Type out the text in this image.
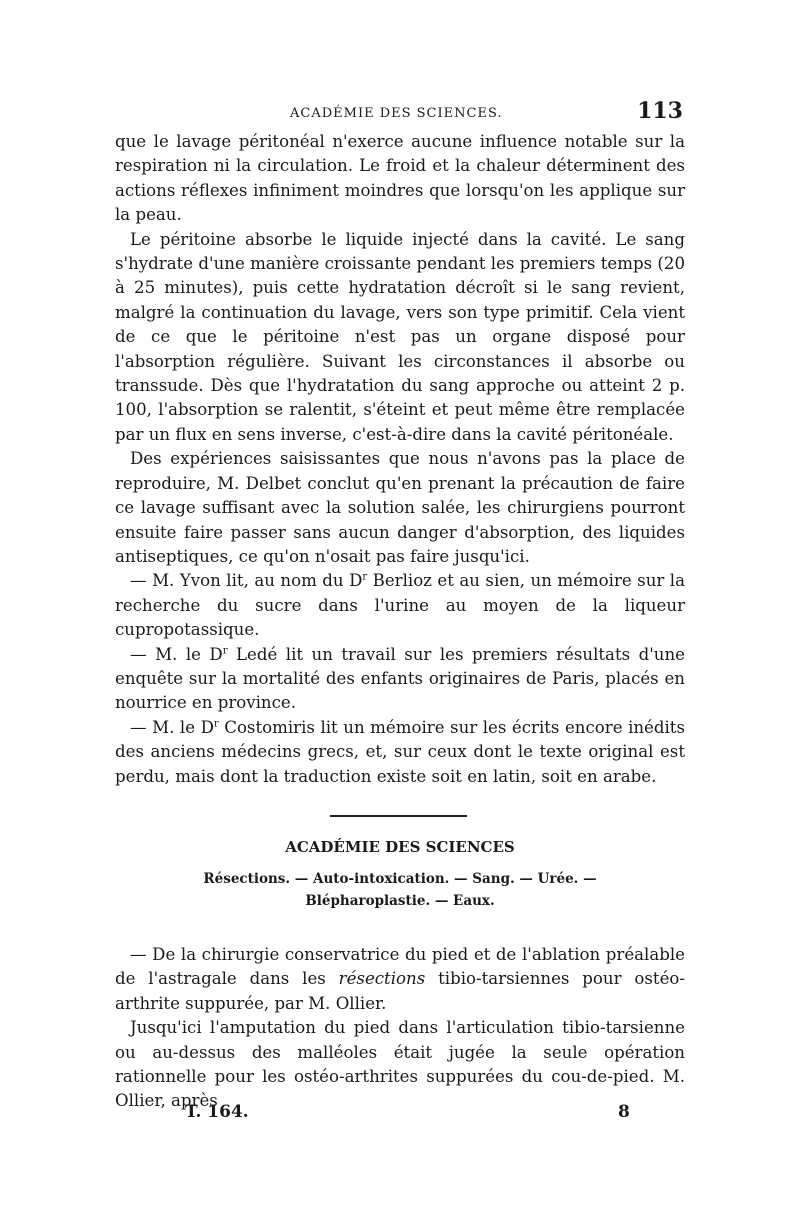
ACADÉMIE DES SCIENCES.	113

que le lavage péritonéal n'exerce aucune influence notable sur la respiration ni la circulation. Le froid et la chaleur déterminent des actions réflexes infiniment moindres que lorsqu'on les applique sur la peau.

Le péritoine absorbe le liquide injecté dans la cavité. Le sang s'hydrate d'une manière croissante pendant les premiers temps (20 à 25 minutes), puis cette hydratation décroît si le sang revient, malgré la continuation du lavage, vers son type primitif. Cela vient de ce que le péritoine n'est pas un organe disposé pour l'absorption régulière. Suivant les circonstances il absorbe ou transsude. Dès que l'hydratation du sang approche ou atteint 2 p. 100, l'absorption se ralentit, s'éteint et peut même être remplacée par un flux en sens inverse, c'est-à-dire dans la cavité péritonéale.

Des expériences saisissantes que nous n'avons pas la place de reproduire, M. Delbet conclut qu'en prenant la précaution de faire ce lavage suffisant avec la solution salée, les chirurgiens pourront ensuite faire passer sans aucun danger d'absorption, des liquides antiseptiques, ce qu'on n'osait pas faire jusqu'ici.

— M. Yvon lit, au nom du $D^r$ Berlioz et au sien, un mémoire sur la recherche du sucre dans l'urine au moyen de la liqueur cupropotassique.

— M. le $D^r$ Ledé lit un travail sur les premiers résultats d'une enquête sur la mortalité des enfants originaires de Paris, placés en nourrice en province.

— M. le $D^r$ Costomiris lit un mémoire sur les écrits encore inédits des anciens médecins grecs, et, sur ceux dont le texte original est perdu, mais dont la traduction existe soit en latin, soit en arabe.

ACADÉMIE DES SCIENCES
Résections. — Auto-intoxication. — Sang. — Urée. —
Blépharoplastie. — Eaux.

— De la chirurgie conservatrice du pied et de l'ablation préalable de l'astragale dans les résections tibio-tarsiennes pour ostéo-arthrite suppurée, par M. Ollier.

Jusqu'ici l'amputation du pied dans l'articulation tibio-tarsienne ou au-dessus des malléoles était jugée la seule opération rationnelle pour les ostéo-arthrites suppurées du cou-de-pied. M. Ollier, après

T. 164.	8
